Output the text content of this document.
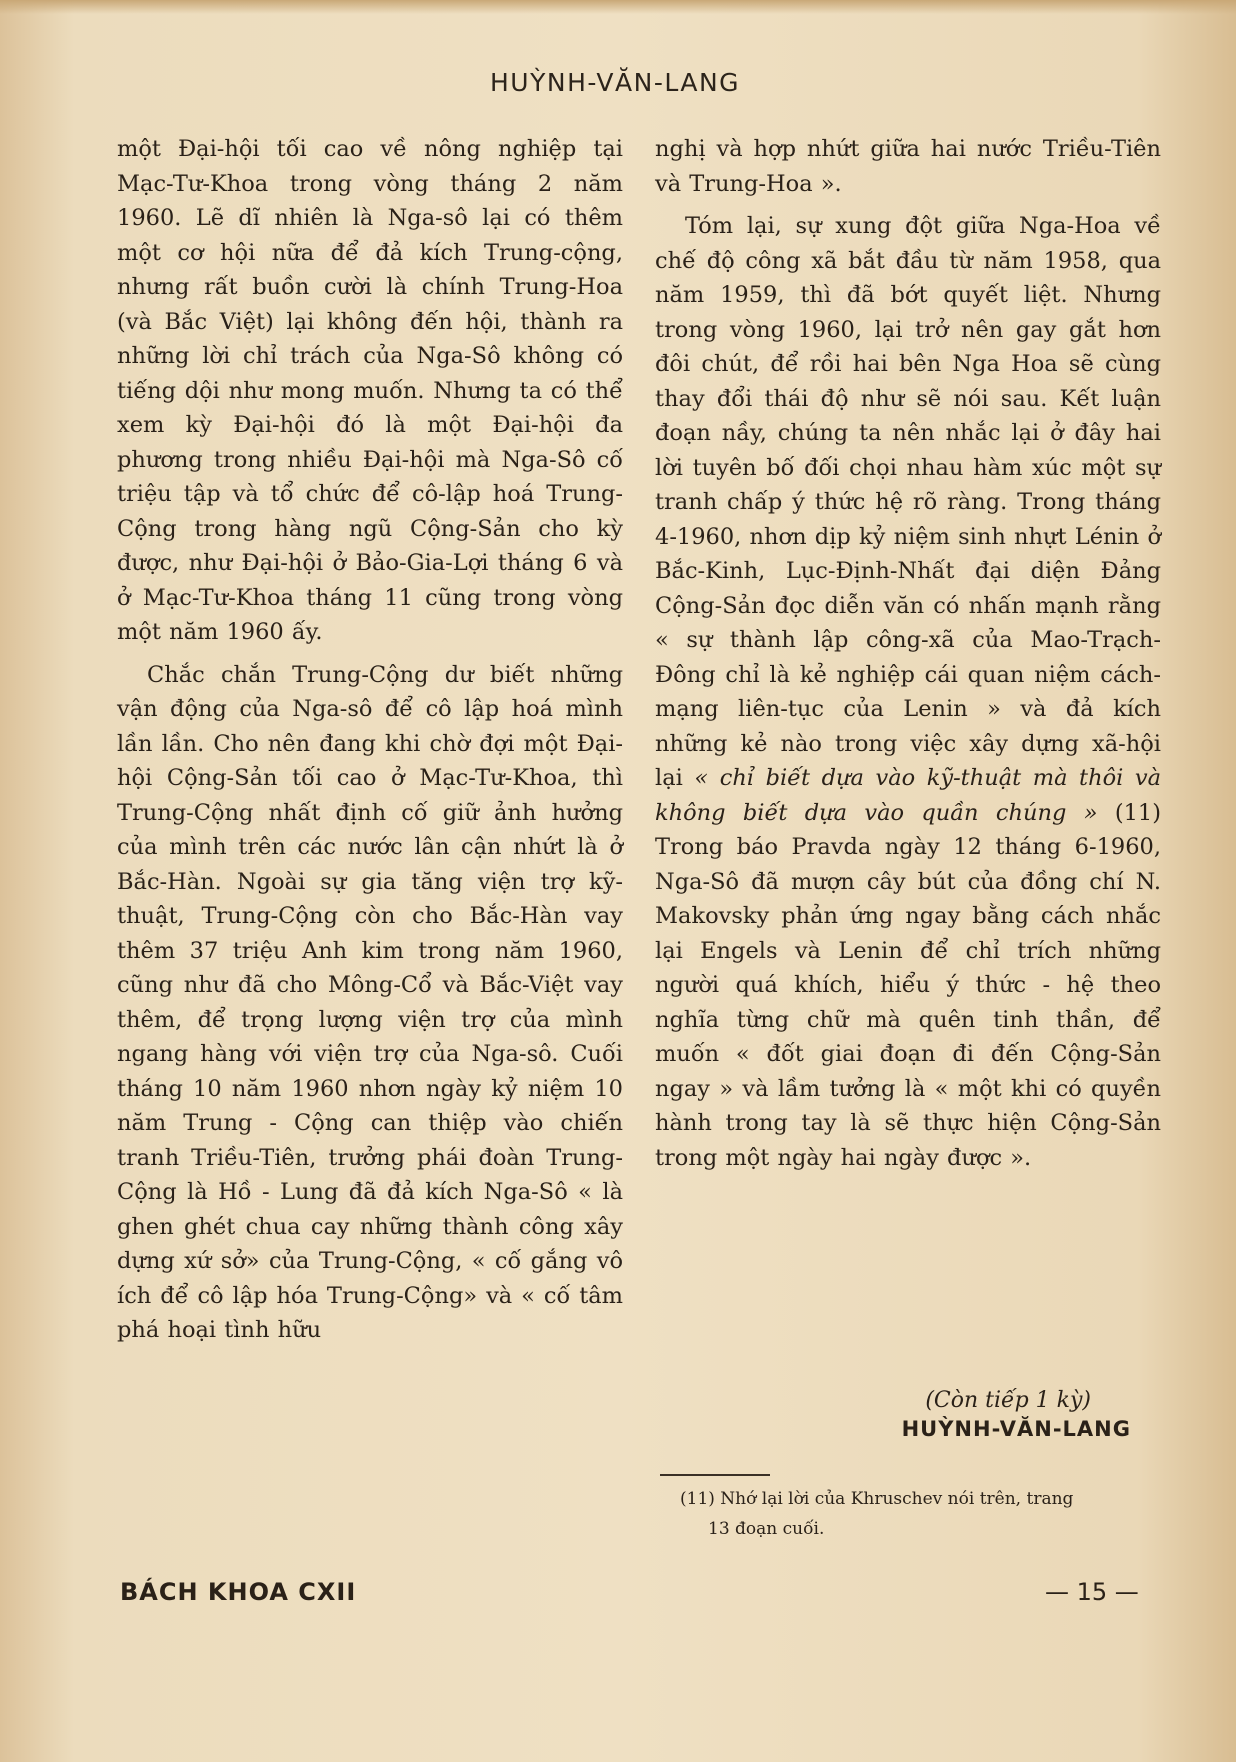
HUỲNH-VĂN-LANG

một Đại-hội tối cao về nông nghiệp tại Mạc-Tư-Khoa trong vòng tháng 2 năm 1960. Lẽ dĩ nhiên là Nga-sô lại có thêm một cơ hội nữa để đả kích Trung-cộng, nhưng rất buồn cười là chính Trung-Hoa (và Bắc Việt) lại không đến hội, thành ra những lời chỉ trách của Nga-Sô không có tiếng dội như mong muốn. Nhưng ta có thể xem kỳ Đại-hội đó là một Đại-hội đa phương trong nhiều Đại-hội mà Nga-Sô cố triệu tập và tổ chức để cô-lập hoá Trung-Cộng trong hàng ngũ Cộng-Sản cho kỳ được, như Đại-hội ở Bảo-Gia-Lợi tháng 6 và ở Mạc-Tư-Khoa tháng 11 cũng trong vòng một năm 1960 ấy.

Chắc chắn Trung-Cộng dư biết những vận động của Nga-sô để cô lập hoá mình lần lần. Cho nên đang khi chờ đợi một Đại-hội Cộng-Sản tối cao ở Mạc-Tư-Khoa, thì Trung-Cộng nhất định cố giữ ảnh hưởng của mình trên các nước lân cận nhứt là ở Bắc-Hàn. Ngoài sự gia tăng viện trợ kỹ-thuật, Trung-Cộng còn cho Bắc-Hàn vay thêm 37 triệu Anh kim trong năm 1960, cũng như đã cho Mông-Cổ và Bắc-Việt vay thêm, để trọng lượng viện trợ của mình ngang hàng với viện trợ của Nga-sô. Cuối tháng 10 năm 1960 nhơn ngày kỷ niệm 10 năm Trung - Cộng can thiệp vào chiến tranh Triều-Tiên, trưởng phái đoàn Trung-Cộng là Hồ - Lung đã đả kích Nga-Sô « là ghen ghét chua cay những thành công xây dựng xứ sở» của Trung-Cộng, « cố gắng vô ích để cô lập hóa Trung-Cộng» và « cố tâm phá hoại tình hữu

nghị và hợp nhứt giữa hai nước Triều-Tiên và Trung-Hoa ».

Tóm lại, sự xung đột giữa Nga-Hoa về chế độ công xã bắt đầu từ năm 1958, qua năm 1959, thì đã bớt quyết liệt. Nhưng trong vòng 1960, lại trở nên gay gắt hơn đôi chút, để rồi hai bên Nga Hoa sẽ cùng thay đổi thái độ như sẽ nói sau. Kết luận đoạn nầy, chúng ta nên nhắc lại ở đây hai lời tuyên bố đối chọi nhau hàm xúc một sự tranh chấp ý thức hệ rõ ràng. Trong tháng 4-1960, nhơn dịp kỷ niệm sinh nhựt Lénin ở Bắc-Kinh, Lục-Định-Nhất đại diện Đảng Cộng-Sản đọc diễn văn có nhấn mạnh rằng « sự thành lập công-xã của Mao-Trạch-Đông chỉ là kẻ nghiệp cái quan niệm cách-mạng liên-tục của Lenin » và đả kích những kẻ nào trong việc xây dựng xã-hội lại « chỉ biết dựa vào kỹ-thuật mà thôi và không biết dựa vào quần chúng » (11) Trong báo Pravda ngày 12 tháng 6-1960, Nga-Sô đã mượn cây bút của đồng chí N. Makovsky phản ứng ngay bằng cách nhắc lại Engels và Lenin để chỉ trích những người quá khích, hiểu ý thức - hệ theo nghĩa từng chữ mà quên tinh thần, để muốn « đốt giai đoạn đi đến Cộng-Sản ngay » và lầm tưởng là « một khi có quyền hành trong tay là sẽ thực hiện Cộng-Sản trong một ngày hai ngày được ».

(Còn tiếp 1 kỳ)
HUỲNH-VĂN-LANG
(11) Nhớ lại lời của Khruschev nói trên, trang
13 đoạn cuối.
BÁCH KHOA CXII	— 15 —
